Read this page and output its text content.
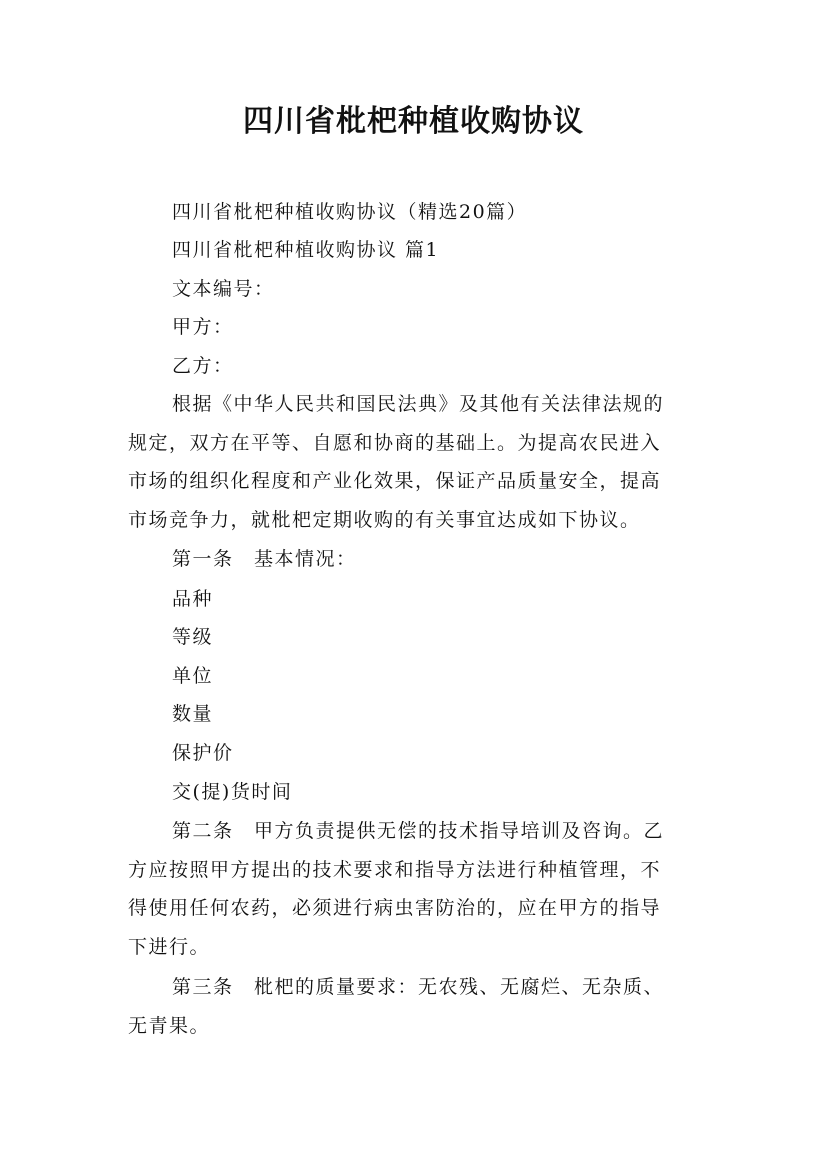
四川省枇杷种植收购协议
四川省枇杷种植收购协议（精选20篇）
四川省枇杷种植收购协议 篇1
文本编号：
甲方：
乙方：
根据《中华人民共和国民法典》及其他有关法律法规的
规定，双方在平等、自愿和协商的基础上。为提高农民进入
市场的组织化程度和产业化效果，保证产品质量安全，提高
市场竞争力，就枇杷定期收购的有关事宜达成如下协议。
第一条　基本情况：
品种
等级
单位
数量
保护价
交(提)货时间
第二条　甲方负责提供无偿的技术指导培训及咨询。乙
方应按照甲方提出的技术要求和指导方法进行种植管理，不
得使用任何农药，必须进行病虫害防治的，应在甲方的指导
下进行。
第三条　枇杷的质量要求：无农残、无腐烂、无杂质、
无青果。
